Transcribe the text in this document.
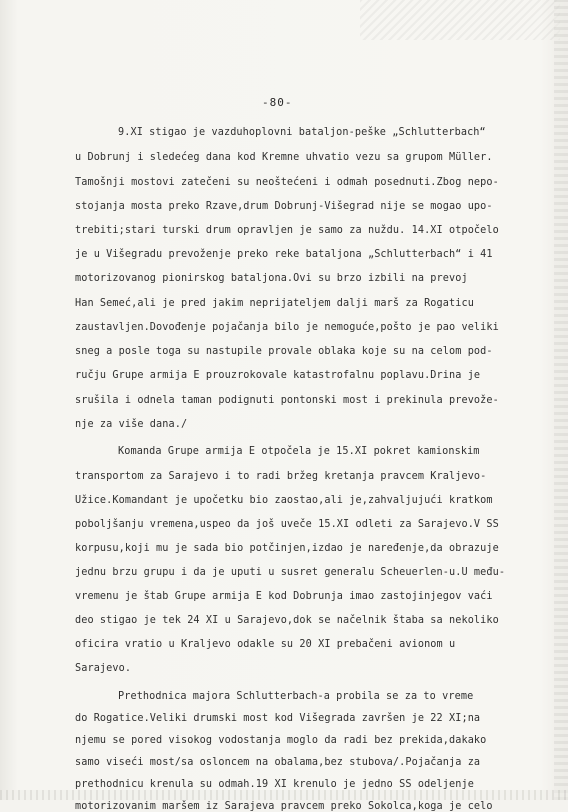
-80-
9.XI stigao je vazduhoplovni bataljon-peške „Schlutterbach“
u Dobrunj i sledećeg dana kod Kremne uhvatio vezu sa grupom Müller.
Tamošnji mostovi zatečeni su neoštećeni i odmah posednuti.Zbog nepo-
stojanja mosta preko Rzave,drum Dobrunj-Višegrad nije se mogao upo-
trebiti;stari turski drum opravljen je samo za nuždu. 14.XI otpočelo
je u Višegradu prevoženje preko reke bataljona „Schlutterbach“ i 41
motorizovanog pionirskog bataljona.Ovi su brzo izbili na prevoj
Han Semeć,ali je pred jakim neprijateljem dalji marš za Rogaticu
zaustavljen.Dovođenje pojačanja bilo je nemoguće,pošto je pao veliki
sneg a posle toga su nastupile provale oblaka koje su na celom pod-
ručju Grupe armija E prouzrokovale katastrofalnu poplavu.Drina je
srušila i odnela taman podignuti pontonski most i prekinula prevože-
nje za više dana./
Komanda Grupe armija E otpočela je 15.XI pokret kamionskim
transportom za Sarajevo i to radi bržeg kretanja pravcem Kraljevo-
Užice.Komandant je upočetku bio zaostao,ali je,zahvaljujući kratkom
poboljšanju vremena,uspeo da još uveče 15.XI odleti za Sarajevo.V SS
korpusu,koji mu je sada bio potčinjen,izdao je naređenje,da obrazuje
jednu brzu grupu i da je uputi u susret generalu Scheuerlen-u.U među-
vremenu je štab Grupe armija E kod Dobrunja imao zastojinjegov vaći
deo stigao je tek 24 XI u Sarajevo,dok se načelnik štaba sa nekoliko
oficira vratio u Kraljevo odakle su 20 XI prebačeni avionom u
Sarajevo.
Prethodnica majora Schlutterbach-a probila se za to vreme
do Rogatice.Veliki drumski most kod Višegrada završen je 22 XI;na
njemu se pored visokog vodostanja moglo da radi bez prekida,dakako
samo viseći most/sa osloncem na obalama,bez stubova/.Pojačanja za
prethodnicu krenula su odmah.19 XI krenulo je jedno SS odeljenje
motorizovanim maršem iz Sarajeva pravcem preko Sokolca,koga je celo
